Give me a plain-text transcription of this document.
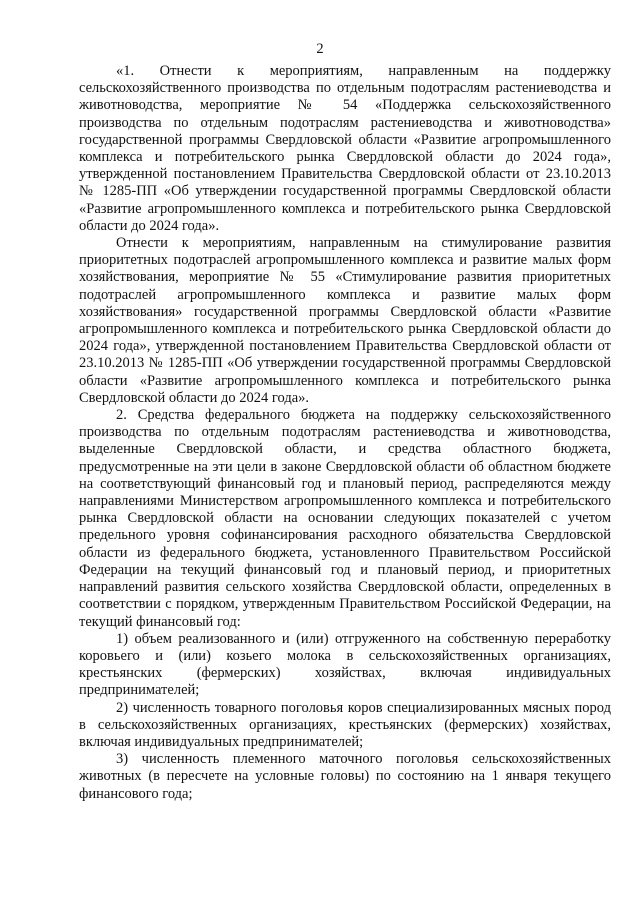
2

«1. Отнести к мероприятиям, направленным на поддержку сельскохозяйственного производства по отдельным подотраслям растениеводства и животноводства, мероприятие № 54 «Поддержка сельскохозяйственного производства по отдельным подотраслям растениеводства и животноводства» государственной программы Свердловской области «Развитие агропромышленного комплекса и потребительского рынка Свердловской области до 2024 года», утвержденной постановлением Правительства Свердловской области от 23.10.2013 № 1285-ПП «Об утверждении государственной программы Свердловской области «Развитие агропромышленного комплекса и потребительского рынка Свердловской области до 2024 года».

Отнести к мероприятиям, направленным на стимулирование развития приоритетных подотраслей агропромышленного комплекса и развитие малых форм хозяйствования, мероприятие № 55 «Стимулирование развития приоритетных подотраслей агропромышленного комплекса и развитие малых форм хозяйствования» государственной программы Свердловской области «Развитие агропромышленного комплекса и потребительского рынка Свердловской области до 2024 года», утвержденной постановлением Правительства Свердловской области от 23.10.2013 № 1285-ПП «Об утверждении государственной программы Свердловской области «Развитие агропромышленного комплекса и потребительского рынка Свердловской области до 2024 года».

2. Средства федерального бюджета на поддержку сельскохозяйственного производства по отдельным подотраслям растениеводства и животноводства, выделенные Свердловской области, и средства областного бюджета, предусмотренные на эти цели в законе Свердловской области об областном бюджете на соответствующий финансовый год и плановый период, распределяются между направлениями Министерством агропромышленного комплекса и потребительского рынка Свердловской области на основании следующих показателей с учетом предельного уровня софинансирования расходного обязательства Свердловской области из федерального бюджета, установленного Правительством Российской Федерации на текущий финансовый год и плановый период, и приоритетных направлений развития сельского хозяйства Свердловской области, определенных в соответствии с порядком, утвержденным Правительством Российской Федерации, на текущий финансовый год:

1) объем реализованного и (или) отгруженного на собственную переработку коровьего и (или) козьего молока в сельскохозяйственных организациях, крестьянских (фермерских) хозяйствах, включая индивидуальных предпринимателей;

2) численность товарного поголовья коров специализированных мясных пород в сельскохозяйственных организациях, крестьянских (фермерских) хозяйствах, включая индивидуальных предпринимателей;

3) численность племенного маточного поголовья сельскохозяйственных животных (в пересчете на условные головы) по состоянию на 1 января текущего финансового года;
